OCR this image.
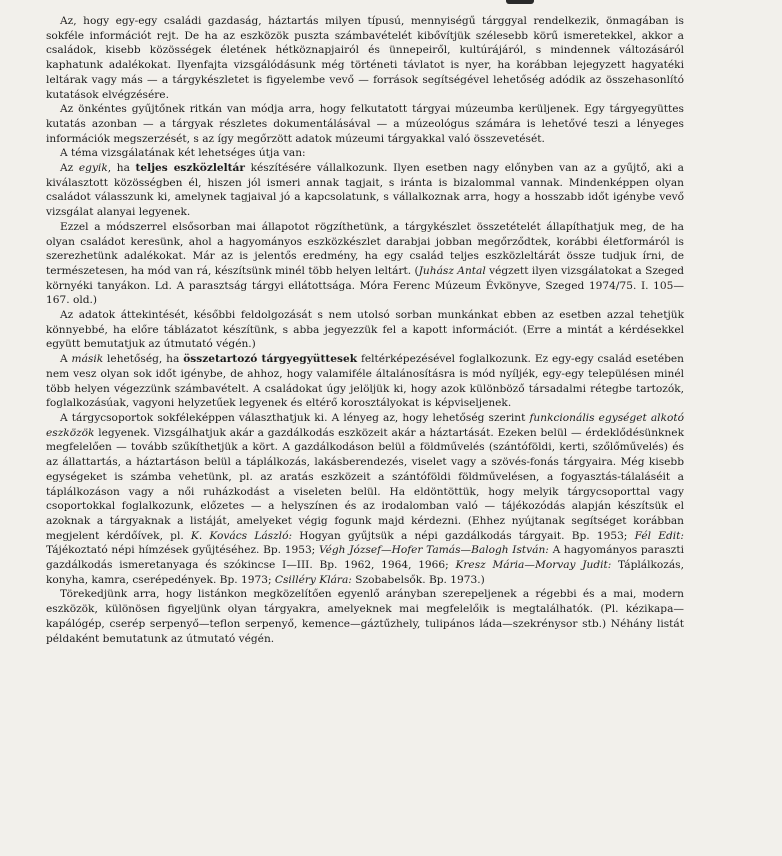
Az, hogy egy-egy családi gazdaság, háztartás milyen típusú, mennyiségű tárggyal rendelkezik, önmagában is sokféle információt rejt. De ha az eszközök puszta számbavételét kibővítjük szélesebb körű ismeretekkel, akkor a családok, kisebb közösségek életének hétköznapjairól és ünnepeiről, kultúrájáról, s mindennek változásáról kaphatunk adalékokat. Ilyenfajta vizsgálódásunk még történeti távlatot is nyer, ha korábban lejegyzett hagyatéki leltárak vagy más — a tárgykészletet is figyelembe vevő — források segítségével lehetőség adódik az összehasonlító kutatások elvégzésére.

Az önkéntes gyűjtőnek ritkán van módja arra, hogy felkutatott tárgyai múzeumba kerüljenek. Egy tárgyegyüttes kutatás azonban — a tárgyak részletes dokumentálásával — a múzeológus számára is lehetővé teszi a lényeges információk megszerzését, s az így megőrzött adatok múzeumi tárgyakkal való összevetését.

A téma vizsgálatának két lehetséges útja van:

Az egyik, ha teljes eszközleltár készítésére vállalkozunk. Ilyen esetben nagy előnyben van az a gyűjtő, aki a kiválasztott közösségben él, hiszen jól ismeri annak tagjait, s iránta is bizalommal vannak. Mindenképpen olyan családot válasszunk ki, amelynek tagjaival jó a kapcsolatunk, s vállalkoznak arra, hogy a hosszabb időt igénybe vevő vizsgálat alanyai legyenek.

Ezzel a módszerrel elsősorban mai állapotot rögzíthetünk, a tárgykészlet összetételét állapíthatjuk meg, de ha olyan családot keresünk, ahol a hagyományos eszközkészlet darabjai jobban megőrződtek, korábbi életformáról is szerezhetünk adalékokat. Már az is jelentős eredmény, ha egy család teljes eszközleltárát össze tudjuk írni, de természetesen, ha mód van rá, készítsünk minél több helyen leltárt. (Juhász Antal végzett ilyen vizsgálatokat a Szeged környéki tanyákon. Ld. A parasztság tárgyi ellátottsága. Móra Ferenc Múzeum Évkönyve, Szeged 1974/75. I. 105—167. old.)

Az adatok áttekintését, későbbi feldolgozását s nem utolsó sorban munkánkat ebben az esetben azzal tehetjük könnyebbé, ha előre táblázatot készítünk, s abba jegyezzük fel a kapott információt. (Erre a mintát a kérdésekkel együtt bemutatjuk az útmutató végén.)

A másik lehetőség, ha összetartozó tárgyegyüttesek feltérképezésével foglalkozunk. Ez egy-egy család esetében nem vesz olyan sok időt igénybe, de ahhoz, hogy valamiféle általánosításra is mód nyíljék, egy-egy településen minél több helyen végezzünk számbavételt. A családokat úgy jelöljük ki, hogy azok különböző társadalmi rétegbe tartozók, foglalkozásúak, vagyoni helyzetűek legyenek és eltérő korosztályokat is képviseljenek.

A tárgycsoportok sokféleképpen választhatjuk ki. A lényeg az, hogy lehetőség szerint funkcionális egységet alkotó eszközök legyenek. Vizsgálhatjuk akár a gazdálkodás eszközeit akár a háztartását. Ezeken belül — érdeklődésünknek megfelelően — tovább szűkíthetjük a kört. A gazdálkodáson belül a földművelés (szántóföldi, kerti, szőlőművelés) és az állattartás, a háztartáson belül a táplálkozás, lakásberendezés, viselet vagy a szövés-fonás tárgyaira. Még kisebb egységeket is számba vehetünk, pl. az aratás eszközeit a szántóföldi földművelésen, a fogyasztás-tálaláséit a táplálkozáson vagy a női ruházkodást a viseleten belül. Ha eldöntöttük, hogy melyik tárgycsoporttal vagy csoportokkal foglalkozunk, előzetes — a helyszínen és az irodalomban való — tájékozódás alapján készítsük el azoknak a tárgyaknak a listáját, amelyeket végig fogunk majd kérdezni. (Ehhez nyújtanak segítséget korábban megjelent kérdőívek, pl. K. Kovács László: Hogyan gyűjtsük a népi gazdálkodás tárgyait. Bp. 1953; Fél Edit: Tájékoztató népi hímzések gyűjtéséhez. Bp. 1953; Végh József—Hofer Tamás—Balogh István: A hagyományos paraszti gazdálkodás ismeretanyaga és szókincse I—III. Bp. 1962, 1964, 1966; Kresz Mária—Morvay Judit: Táplálkozás, konyha, kamra, cserépedények. Bp. 1973; Csilléry Klára: Szobabelsők. Bp. 1973.)

Törekedjünk arra, hogy listánkon megközelítően egyenlő arányban szerepeljenek a régebbi és a mai, modern eszközök, különösen figyeljünk olyan tárgyakra, amelyeknek mai megfelelőik is megtalálhatók. (Pl. kézikapa—kapálógép, cserép serpenyő—teflon serpenyő, kemence—gáztűzhely, tulipános láda—szekrénysor stb.) Néhány listát példaként bemutatunk az útmutató végén.
